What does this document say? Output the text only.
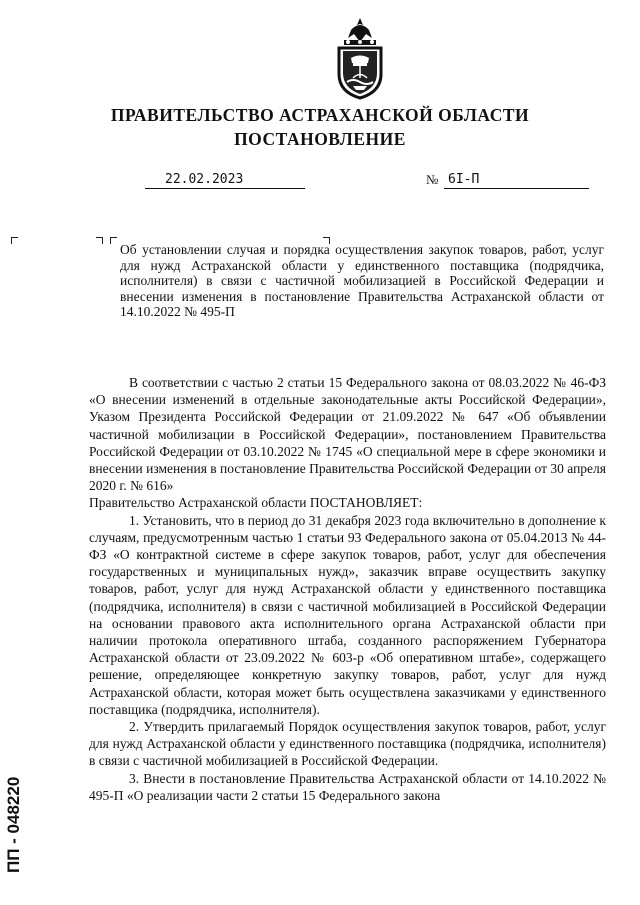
ПРАВИТЕЛЬСТВО АСТРАХАНСКОЙ ОБЛАСТИ
ПОСТАНОВЛЕНИЕ
22.02.2023	№ 6I-П
Об установлении случая и порядка осуществления закупок товаров, работ, услуг для нужд Астраханской области у единственного поставщика (подрядчика, исполнителя) в связи с частичной мобилизацией в Российской Федерации и внесении изменения в постановление Правительства Астраханской области от 14.10.2022 № 495-П

В соответствии с частью 2 статьи 15 Федерального закона от 08.03.2022 № 46-ФЗ «О внесении изменений в отдельные законодательные акты Российской Федерации», Указом Президента Российской Федерации от 21.09.2022 № 647 «Об объявлении частичной мобилизации в Российской Федерации», постановлением Правительства Российской Федерации от 03.10.2022 № 1745 «О специальной мере в сфере экономики и внесении изменения в постановление Правительства Российской Федерации от 30 апреля 2020 г. № 616»

Правительство Астраханской области ПОСТАНОВЛЯЕТ:

1. Установить, что в период до 31 декабря 2023 года включительно в дополнение к случаям, предусмотренным частью 1 статьи 93 Федерального закона от 05.04.2013 № 44-ФЗ «О контрактной системе в сфере закупок товаров, работ, услуг для обеспечения государственных и муниципальных нужд», заказчик вправе осуществить закупку товаров, работ, услуг для нужд Астраханской области у единственного поставщика (подрядчика, исполнителя) в связи с частичной мобилизацией в Российской Федерации на основании правового акта исполнительного органа Астраханской области при наличии протокола оперативного штаба, созданного распоряжением Губернатора Астраханской области от 23.09.2022 № 603-р «Об оперативном штабе», содержащего решение, определяющее конкретную закупку товаров, работ, услуг для нужд Астраханской области, которая может быть осуществлена заказчиками у единственного поставщика (подрядчика, исполнителя).

2. Утвердить прилагаемый Порядок осуществления закупок товаров, работ, услуг для нужд Астраханской области у единственного поставщика (подрядчика, исполнителя) в связи с частичной мобилизацией в Российской Федерации.

3. Внести в постановление Правительства Астраханской области от 14.10.2022 № 495-П «О реализации части 2 статьи 15 Федерального закона

ПП - 048220
